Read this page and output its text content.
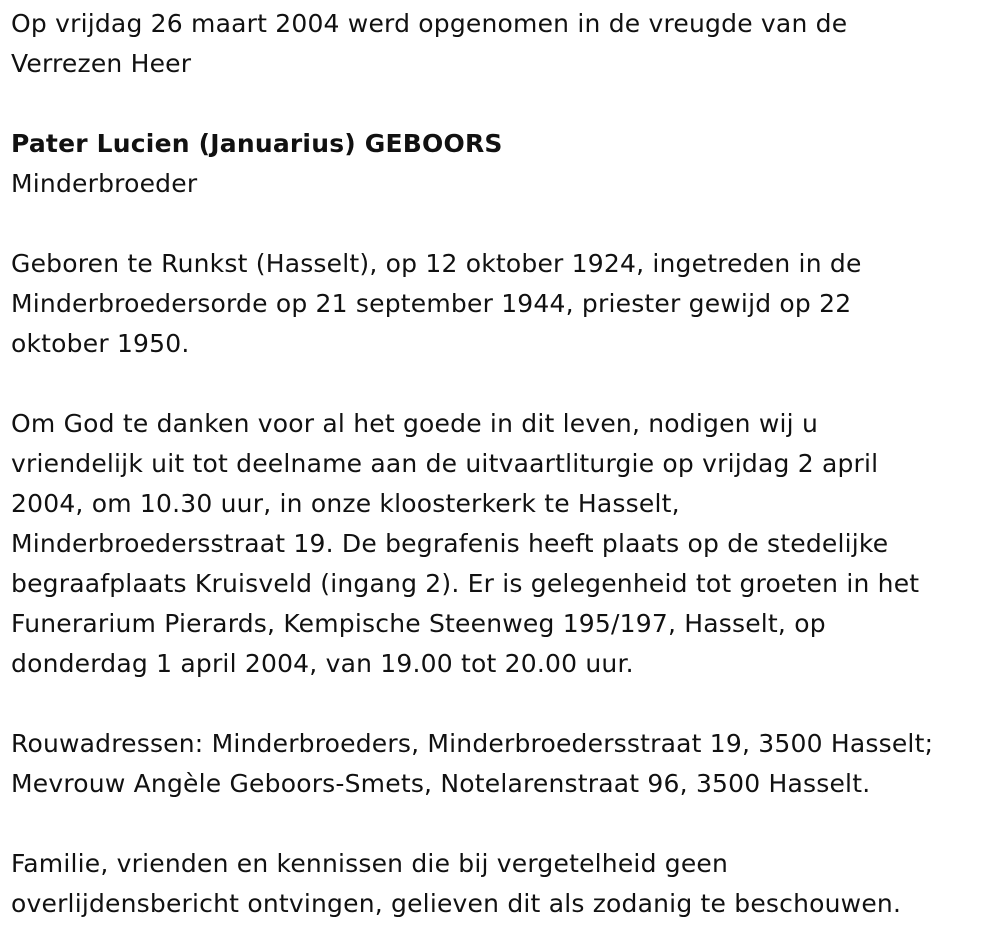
Op vrijdag 26 maart 2004 werd opgenomen in de vreugde van de
Verrezen Heer

Pater Lucien (Januarius) GEBOORS

Minderbroeder

Geboren te Runkst (Hasselt), op 12 oktober 1924, ingetreden in de
Minderbroedersorde op 21 september 1944, priester gewijd op 22
oktober 1950.

Om God te danken voor al het goede in dit leven, nodigen wij u
vriendelijk uit tot deelname aan de uitvaartliturgie op vrijdag 2 april
2004, om 10.30 uur, in onze kloosterkerk te Hasselt,
Minderbroedersstraat 19. De begrafenis heeft plaats op de stedelijke
begraafplaats Kruisveld (ingang 2). Er is gelegenheid tot groeten in het
Funerarium Pierards, Kempische Steenweg 195/197, Hasselt, op
donderdag 1 april 2004, van 19.00 tot 20.00 uur.

Rouwadressen: Minderbroeders, Minderbroedersstraat 19, 3500 Hasselt;
Mevrouw Angèle Geboors-Smets, Notelarenstraat 96, 3500 Hasselt.

Familie, vrienden en kennissen die bij vergetelheid geen
overlijdensbericht ontvingen, gelieven dit als zodanig te beschouwen.
